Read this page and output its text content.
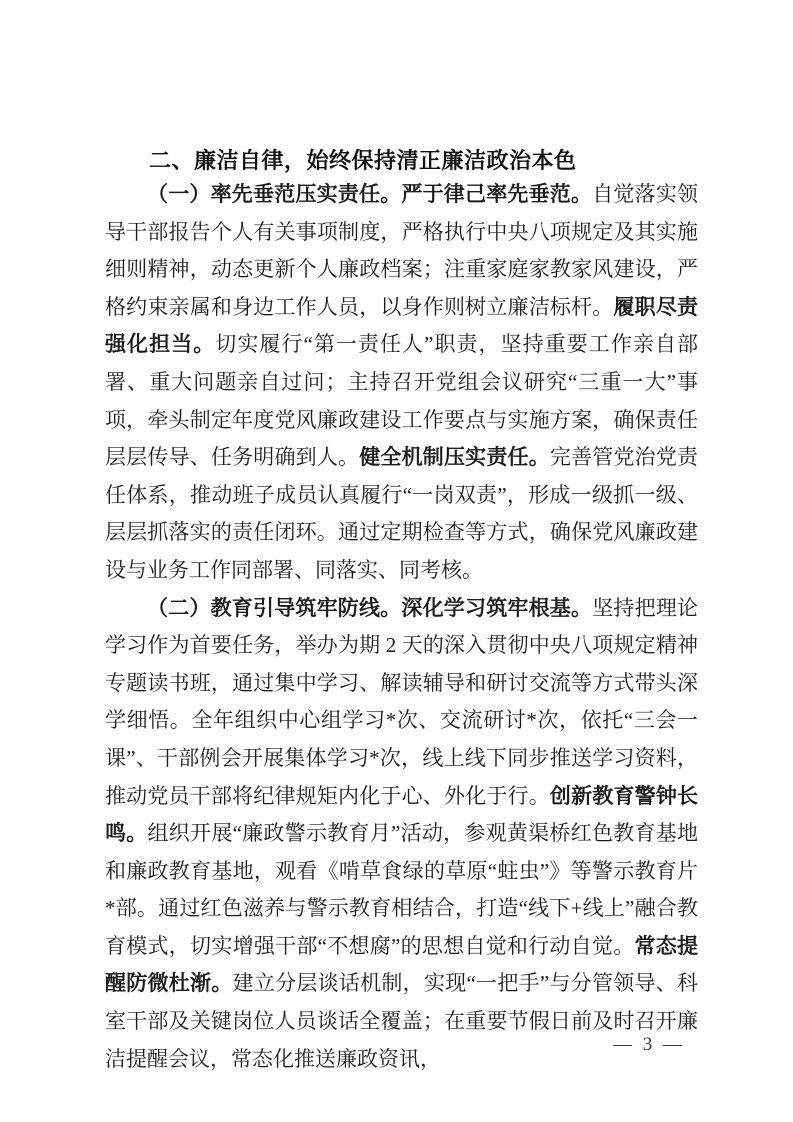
二、廉洁自律，始终保持清正廉洁政治本色

（一）率先垂范压实责任。严于律己率先垂范。自觉落实领导干部报告个人有关事项制度，严格执行中央八项规定及其实施细则精神，动态更新个人廉政档案；注重家庭家教家风建设，严格约束亲属和身边工作人员，以身作则树立廉洁标杆。履职尽责强化担当。切实履行“第一责任人”职责，坚持重要工作亲自部署、重大问题亲自过问；主持召开党组会议研究“三重一大”事项，牵头制定年度党风廉政建设工作要点与实施方案，确保责任层层传导、任务明确到人。健全机制压实责任。完善管党治党责任体系，推动班子成员认真履行“一岗双责”，形成一级抓一级、层层抓落实的责任闭环。通过定期检查等方式，确保党风廉政建设与业务工作同部署、同落实、同考核。

（二）教育引导筑牢防线。深化学习筑牢根基。坚持把理论学习作为首要任务，举办为期 2 天的深入贯彻中央八项规定精神专题读书班，通过集中学习、解读辅导和研讨交流等方式带头深学细悟。全年组织中心组学习*次、交流研讨*次，依托“三会一课”、干部例会开展集体学习*次，线上线下同步推送学习资料，推动党员干部将纪律规矩内化于心、外化于行。创新教育警钟长鸣。组织开展“廉政警示教育月”活动，参观黄渠桥红色教育基地和廉政教育基地，观看《啃草食绿的草原“蛀虫”》等警示教育片*部。通过红色滋养与警示教育相结合，打造“线下+线上”融合教育模式，切实增强干部“不想腐”的思想自觉和行动自觉。常态提醒防微杜渐。建立分层谈话机制，实现“一把手”与分管领导、科室干部及关键岗位人员谈话全覆盖；在重要节假日前及时召开廉洁提醒会议，常态化推送廉政资讯，

— 3 —
